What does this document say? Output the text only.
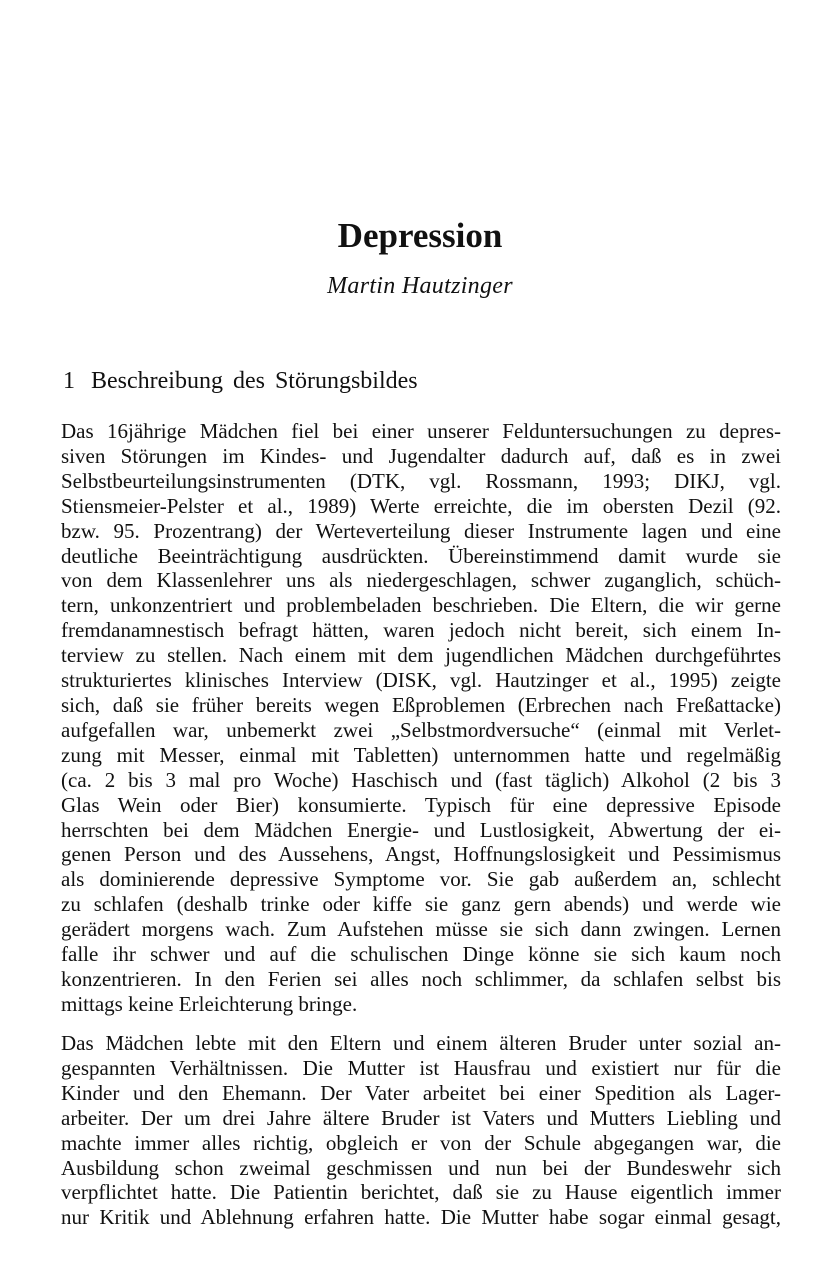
Depression
Martin Hautzinger
1 Beschreibung des Störungsbildes
Das 16jährige Mädchen fiel bei einer unserer Felduntersuchungen zu depres-
siven Störungen im Kindes- und Jugendalter dadurch auf, daß es in zwei
Selbstbeurteilungsinstrumenten (DTK, vgl. Rossmann, 1993; DIKJ, vgl.
Stiensmeier-Pelster et al., 1989) Werte erreichte, die im obersten Dezil (92.
bzw. 95. Prozentrang) der Werteverteilung dieser Instrumente lagen und eine
deutliche Beeinträchtigung ausdrückten. Übereinstimmend damit wurde sie
von dem Klassenlehrer uns als niedergeschlagen, schwer zuganglich, schüch-
tern, unkonzentriert und problembeladen beschrieben. Die Eltern, die wir gerne
fremdanamnestisch befragt hätten, waren jedoch nicht bereit, sich einem In-
terview zu stellen. Nach einem mit dem jugendlichen Mädchen durchgeführtes
strukturiertes klinisches Interview (DISK, vgl. Hautzinger et al., 1995) zeigte
sich, daß sie früher bereits wegen Eßproblemen (Erbrechen nach Freßattacke)
aufgefallen war, unbemerkt zwei „Selbstmordversuche“ (einmal mit Verlet-
zung mit Messer, einmal mit Tabletten) unternommen hatte und regelmäßig
(ca. 2 bis 3 mal pro Woche) Haschisch und (fast täglich) Alkohol (2 bis 3
Glas Wein oder Bier) konsumierte. Typisch für eine depressive Episode
herrschten bei dem Mädchen Energie- und Lustlosigkeit, Abwertung der ei-
genen Person und des Aussehens, Angst, Hoffnungslosigkeit und Pessimismus
als dominierende depressive Symptome vor. Sie gab außerdem an, schlecht
zu schlafen (deshalb trinke oder kiffe sie ganz gern abends) und werde wie
gerädert morgens wach. Zum Aufstehen müsse sie sich dann zwingen. Lernen
falle ihr schwer und auf die schulischen Dinge könne sie sich kaum noch
konzentrieren. In den Ferien sei alles noch schlimmer, da schlafen selbst bis
mittags keine Erleichterung bringe.
Das Mädchen lebte mit den Eltern und einem älteren Bruder unter sozial an-
gespannten Verhältnissen. Die Mutter ist Hausfrau und existiert nur für die
Kinder und den Ehemann. Der Vater arbeitet bei einer Spedition als Lager-
arbeiter. Der um drei Jahre ältere Bruder ist Vaters und Mutters Liebling und
machte immer alles richtig, obgleich er von der Schule abgegangen war, die
Ausbildung schon zweimal geschmissen und nun bei der Bundeswehr sich
verpflichtet hatte. Die Patientin berichtet, daß sie zu Hause eigentlich immer
nur Kritik und Ablehnung erfahren hatte. Die Mutter habe sogar einmal gesagt,
